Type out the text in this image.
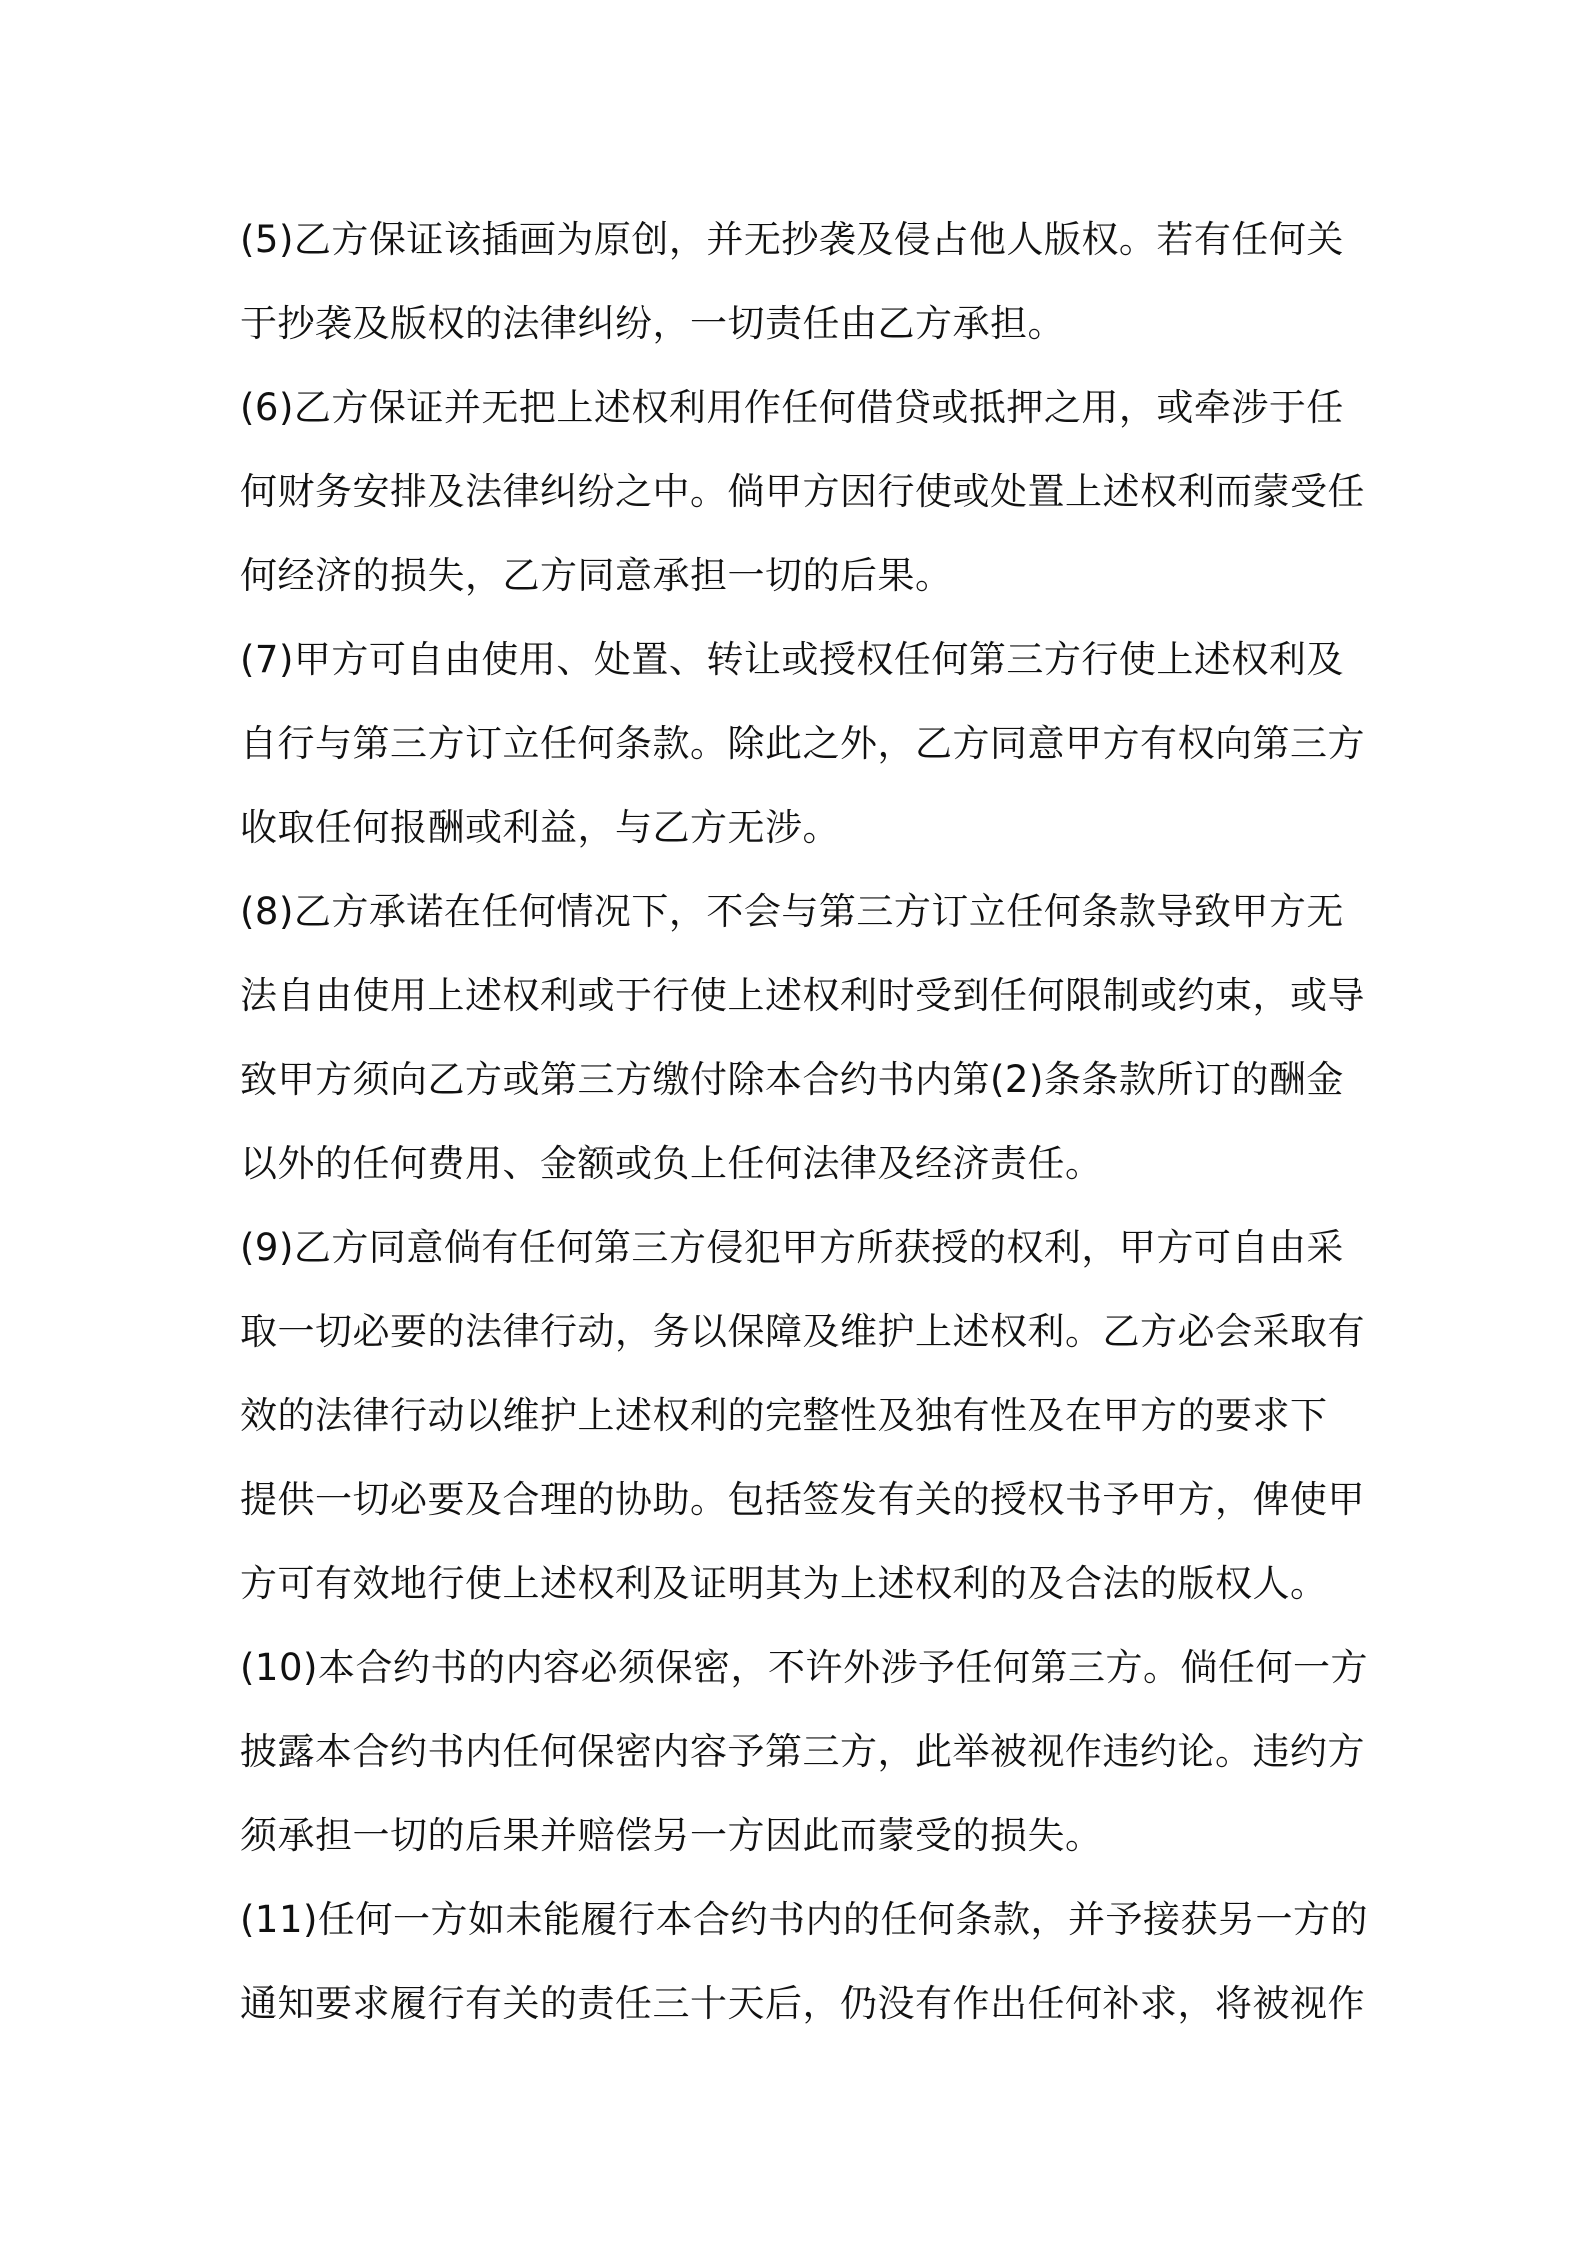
(5)乙方保证该插画为原创，并无抄袭及侵占他人版权。若有任何关
于抄袭及版权的法律纠纷，一切责任由乙方承担。
(6)乙方保证并无把上述权利用作任何借贷或抵押之用，或牵涉于任
何财务安排及法律纠纷之中。倘甲方因行使或处置上述权利而蒙受任
何经济的损失，乙方同意承担一切的后果。
(7)甲方可自由使用、处置、转让或授权任何第三方行使上述权利及
自行与第三方订立任何条款。除此之外，乙方同意甲方有权向第三方
收取任何报酬或利益，与乙方无涉。
(8)乙方承诺在任何情况下，不会与第三方订立任何条款导致甲方无
法自由使用上述权利或于行使上述权利时受到任何限制或约束，或导
致甲方须向乙方或第三方缴付除本合约书内第(2)条条款所订的酬金
以外的任何费用、金额或负上任何法律及经济责任。
(9)乙方同意倘有任何第三方侵犯甲方所获授的权利，甲方可自由采
取一切必要的法律行动，务以保障及维护上述权利。乙方必会采取有
效的法律行动以维护上述权利的完整性及独有性及在甲方的要求下
提供一切必要及合理的协助。包括签发有关的授权书予甲方，俾使甲
方可有效地行使上述权利及证明其为上述权利的及合法的版权人。
(10)本合约书的内容必须保密，不许外涉予任何第三方。倘任何一方
披露本合约书内任何保密内容予第三方，此举被视作违约论。违约方
须承担一切的后果并赔偿另一方因此而蒙受的损失。
(11)任何一方如未能履行本合约书内的任何条款，并予接获另一方的
通知要求履行有关的责任三十天后，仍没有作出任何补求，将被视作
